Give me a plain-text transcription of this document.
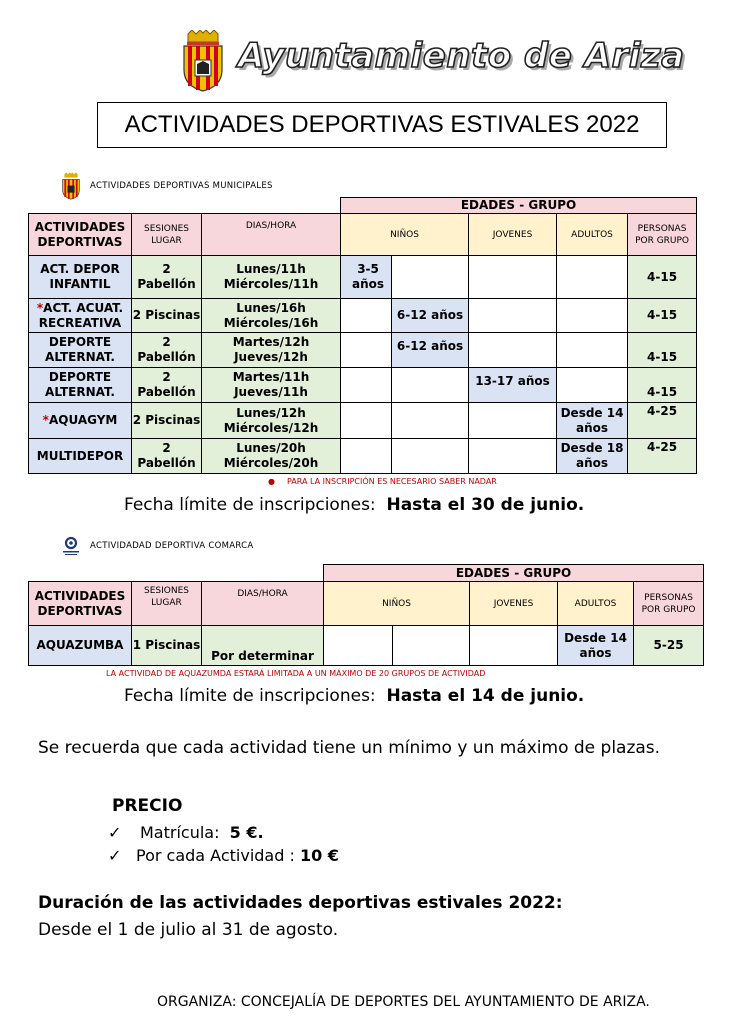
Ayuntamiento de Ariza
ACTIVIDADES DEPORTIVAS ESTIVALES 2022
ACTIVIDADES DEPORTIVAS MUNICIPALES
			EDADES - GRUPO				
ACTIVIDADES DEPORTIVAS	SESIONES LUGAR	DIAS/HORA	NIÑOS		JOVENES	ADULTOS	PERSONAS POR GRUPO
ACT. DEPOR INFANTIL	2 Pabellón	Lunes/11h Miércoles/11h	3-5 años				4-15
*ACT. ACUAT. RECREATIVA	2 Piscinas	Lunes/16h Miércoles/16h		6-12 años			4-15
DEPORTE ALTERNAT.	2 Pabellón	Martes/12h Jueves/12h		6-12 años			4-15
DEPORTE ALTERNAT.	2 Pabellón	Martes/11h Jueves/11h			13-17 años		4-15
*AQUAGYM	2 Piscinas	Lunes/12h Miércoles/12h				Desde 14 años	4-25
MULTIDEPOR	2 Pabellón	Lunes/20h Miércoles/20h				Desde 18 años	4-25
● PARA LA INSCRIPCIÓN ES NECESARIO SABER NADAR
Fecha límite de inscripciones: Hasta el 30 de junio.
ACTIVIDADAD DEPORTIVA COMARCA
			EDADES - GRUPO				
ACTIVIDADES DEPORTIVAS	SESIONES LUGAR	DIAS/HORA	NIÑOS		JOVENES	ADULTOS	PERSONAS POR GRUPO
AQUAZUMBA	1 Piscinas	Por determinar				Desde 14 años	5-25
LA ACTIVIDAD DE AQUAZUMDA ESTARÁ LIMITADA A UN MÁXIMO DE 20 GRUPOS DE ACTIVIDAD
Fecha límite de inscripciones: Hasta el 14 de junio.
Se recuerda que cada actividad tiene un mínimo y un máximo de plazas.
PRECIO
✓ Matrícula: 5 €.
✓ Por cada Actividad : 10 €
Duración de las actividades deportivas estivales 2022:
Desde el 1 de julio al 31 de agosto.
ORGANIZA: CONCEJALÍA DE DEPORTES DEL AYUNTAMIENTO DE ARIZA.
